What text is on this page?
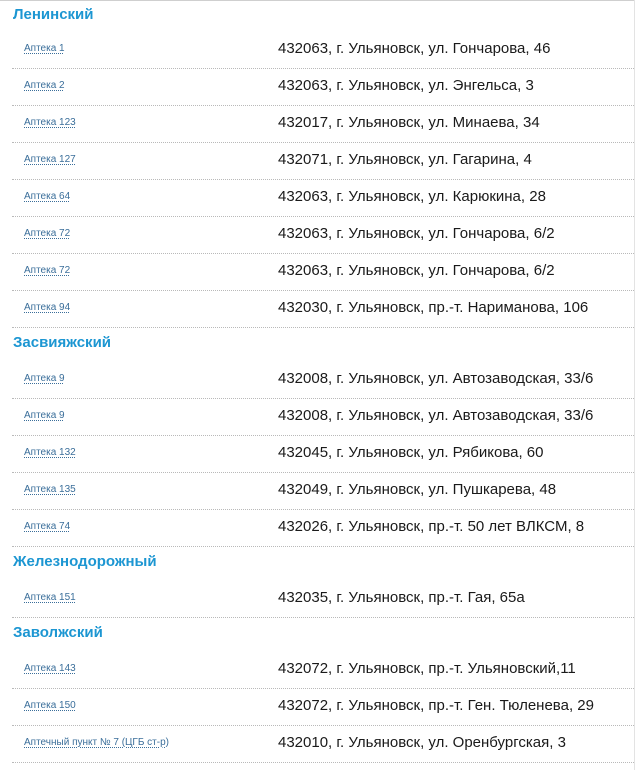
Ленинский
Аптека 1	432063, г. Ульяновск, ул. Гончарова, 46
Аптека 2	432063, г. Ульяновск, ул. Энгельса, 3
Аптека 123	432017, г. Ульяновск, ул. Минаева, 34
Аптека 127	432071, г. Ульяновск, ул. Гагарина, 4
Аптека 64	432063, г. Ульяновск, ул. Карюкина, 28
Аптека 72	432063, г. Ульяновск, ул. Гончарова, 6/2
Аптека 72	432063, г. Ульяновск, ул. Гончарова, 6/2
Аптека 94	432030, г. Ульяновск, пр.-т. Нариманова, 106
Засвияжский
Аптека 9	432008, г. Ульяновск, ул. Автозаводская, 33/6
Аптека 9	432008, г. Ульяновск, ул. Автозаводская, 33/6
Аптека 132	432045, г. Ульяновск, ул. Рябикова, 60
Аптека 135	432049, г. Ульяновск, ул. Пушкарева, 48
Аптека 74	432026, г. Ульяновск, пр.-т. 50 лет ВЛКСМ, 8
Железнодорожный
Аптека 151	432035, г. Ульяновск, пр.-т. Гая, 65а
Заволжский
Аптека 143	432072, г. Ульяновск, пр.-т. Ульяновский,11
Аптека 150	432072, г. Ульяновск, пр.-т. Ген. Тюленева, 29
Аптечный пункт № 7 (ЦГБ ст-р)	432010, г. Ульяновск, ул. Оренбургская, 3
